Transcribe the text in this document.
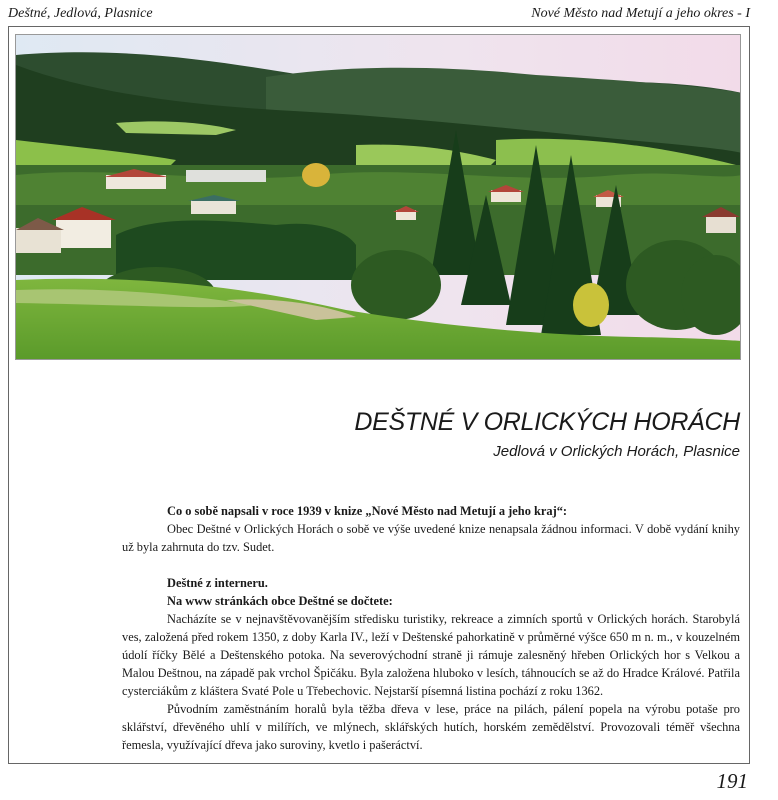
Deštné, Jedlová, Plasnice	Nové Město nad Metují a jeho okres - I
DEŠTNÉ V ORLICKÝCH HORÁCH
Jedlová v Orlických Horách, Plasnice

Co o sobě napsali v roce 1939 v knize „Nové Město nad Metují a jeho kraj“:

Obec Deštné v Orlických Horách o sobě ve výše uvedené knize nenapsala žádnou informaci. V době vydání knihy už byla zahrnuta do tzv. Sudet.

Deštné z interneru.

Na www stránkách obce Deštné se dočtete:

Nacházíte se v nejnavštěvovanějším středisku turistiky, rekreace a zimních sportů v Orlických horách. Starobylá ves, založená před rokem 1350, z doby Karla IV., leží v Deštenské pahorkatině v průměrné výšce 650 m n. m., v kouzelném údolí říčky Bělé a Deštenského potoka. Na severovýchodní straně ji rámuje zalesněný hřeben Orlických hor s Velkou a Malou Deštnou, na západě pak vrchol Špičáku. Byla založena hluboko v lesích, táhnoucích se až do Hradce Králové. Patřila cysterciákům z kláštera Svaté Pole u Třebechovic. Nejstarší písemná listina pochází z roku 1362.

Původním zaměstnáním horalů byla těžba dřeva v lese, práce na pilách, pálení popela na výrobu potaše pro sklářství, dřevěného uhlí v milířích, ve mlýnech, sklářských hutích, horském zemědělství. Provozovali téměř všechna řemesla, využívající dřeva jako suroviny, kvetlo i pašeráctví.

191
